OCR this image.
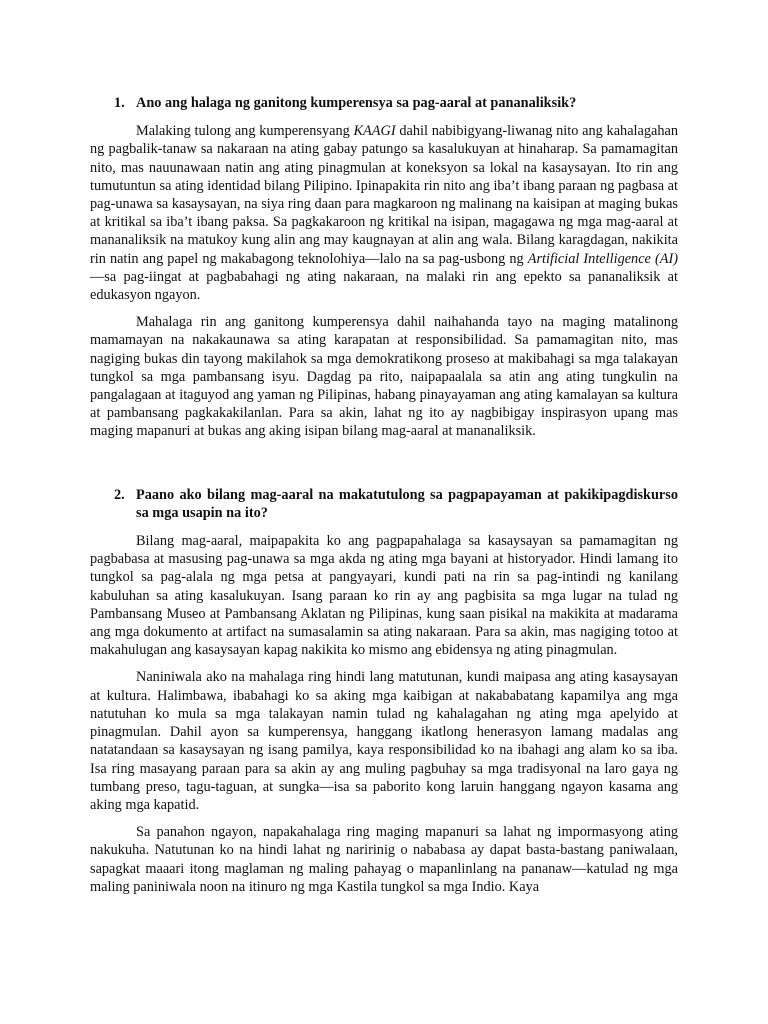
1. Ano ang halaga ng ganitong kumperensya sa pag-aaral at pananaliksik?

Malaking tulong ang kumperensyang KAAGI dahil nabibigyang-liwanag nito ang kahalagahan ng pagbalik-tanaw sa nakaraan na ating gabay patungo sa kasalukuyan at hinaharap. Sa pamamagitan nito, mas nauunawaan natin ang ating pinagmulan at koneksyon sa lokal na kasaysayan. Ito rin ang tumutuntun sa ating identidad bilang Pilipino. Ipinapakita rin nito ang iba’t ibang paraan ng pagbasa at pag-unawa sa kasaysayan, na siya ring daan para magkaroon ng malinang na kaisipan at maging bukas at kritikal sa iba’t ibang paksa. Sa pagkakaroon ng kritikal na isipan, magagawa ng mga mag-aaral at mananaliksik na matukoy kung alin ang may kaugnayan at alin ang wala. Bilang karagdagan, nakikita rin natin ang papel ng makabagong teknolohiya—lalo na sa pag-usbong ng Artificial Intelligence (AI)—sa pag-iingat at pagbabahagi ng ating nakaraan, na malaki rin ang epekto sa pananaliksik at edukasyon ngayon.

Mahalaga rin ang ganitong kumperensya dahil naihahanda tayo na maging matalinong mamamayan na nakakaunawa sa ating karapatan at responsibilidad. Sa pamamagitan nito, mas nagiging bukas din tayong makilahok sa mga demokratikong proseso at makibahagi sa mga talakayan tungkol sa mga pambansang isyu. Dagdag pa rito, naipapaalala sa atin ang ating tungkulin na pangalagaan at itaguyod ang yaman ng Pilipinas, habang pinayayaman ang ating kamalayan sa kultura at pambansang pagkakakilanlan. Para sa akin, lahat ng ito ay nagbibigay inspirasyon upang mas maging mapanuri at bukas ang aking isipan bilang mag-aaral at mananaliksik.

2. Paano ako bilang mag-aaral na makatutulong sa pagpapayaman at pakikipagdiskurso sa mga usapin na ito?

Bilang mag-aaral, maipapakita ko ang pagpapahalaga sa kasaysayan sa pamamagitan ng pagbabasa at masusing pag-unawa sa mga akda ng ating mga bayani at historyador. Hindi lamang ito tungkol sa pag-alala ng mga petsa at pangyayari, kundi pati na rin sa pag-intindi ng kanilang kabuluhan sa ating kasalukuyan. Isang paraan ko rin ay ang pagbisita sa mga lugar na tulad ng Pambansang Museo at Pambansang Aklatan ng Pilipinas, kung saan pisikal na makikita at madarama ang mga dokumento at artifact na sumasalamin sa ating nakaraan. Para sa akin, mas nagiging totoo at makahulugan ang kasaysayan kapag nakikita ko mismo ang ebidensya ng ating pinagmulan.

Naniniwala ako na mahalaga ring hindi lang matutunan, kundi maipasa ang ating kasaysayan at kultura. Halimbawa, ibabahagi ko sa aking mga kaibigan at nakababatang kapamilya ang mga natutuhan ko mula sa mga talakayan namin tulad ng kahalagahan ng ating mga apelyido at pinagmulan. Dahil ayon sa kumperensya, hanggang ikatlong henerasyon lamang madalas ang natatandaan sa kasaysayan ng isang pamilya, kaya responsibilidad ko na ibahagi ang alam ko sa iba. Isa ring masayang paraan para sa akin ay ang muling pagbuhay sa mga tradisyonal na laro gaya ng tumbang preso, tagu-taguan, at sungka—isa sa paborito kong laruin hanggang ngayon kasama ang aking mga kapatid.

Sa panahon ngayon, napakahalaga ring maging mapanuri sa lahat ng impormasyong ating nakukuha. Natutunan ko na hindi lahat ng naririnig o nababasa ay dapat basta-bastang paniwalaan, sapagkat maaari itong maglaman ng maling pahayag o mapanlinlang na pananaw—katulad ng mga maling paniniwala noon na itinuro ng mga Kastila tungkol sa mga Indio. Kaya
